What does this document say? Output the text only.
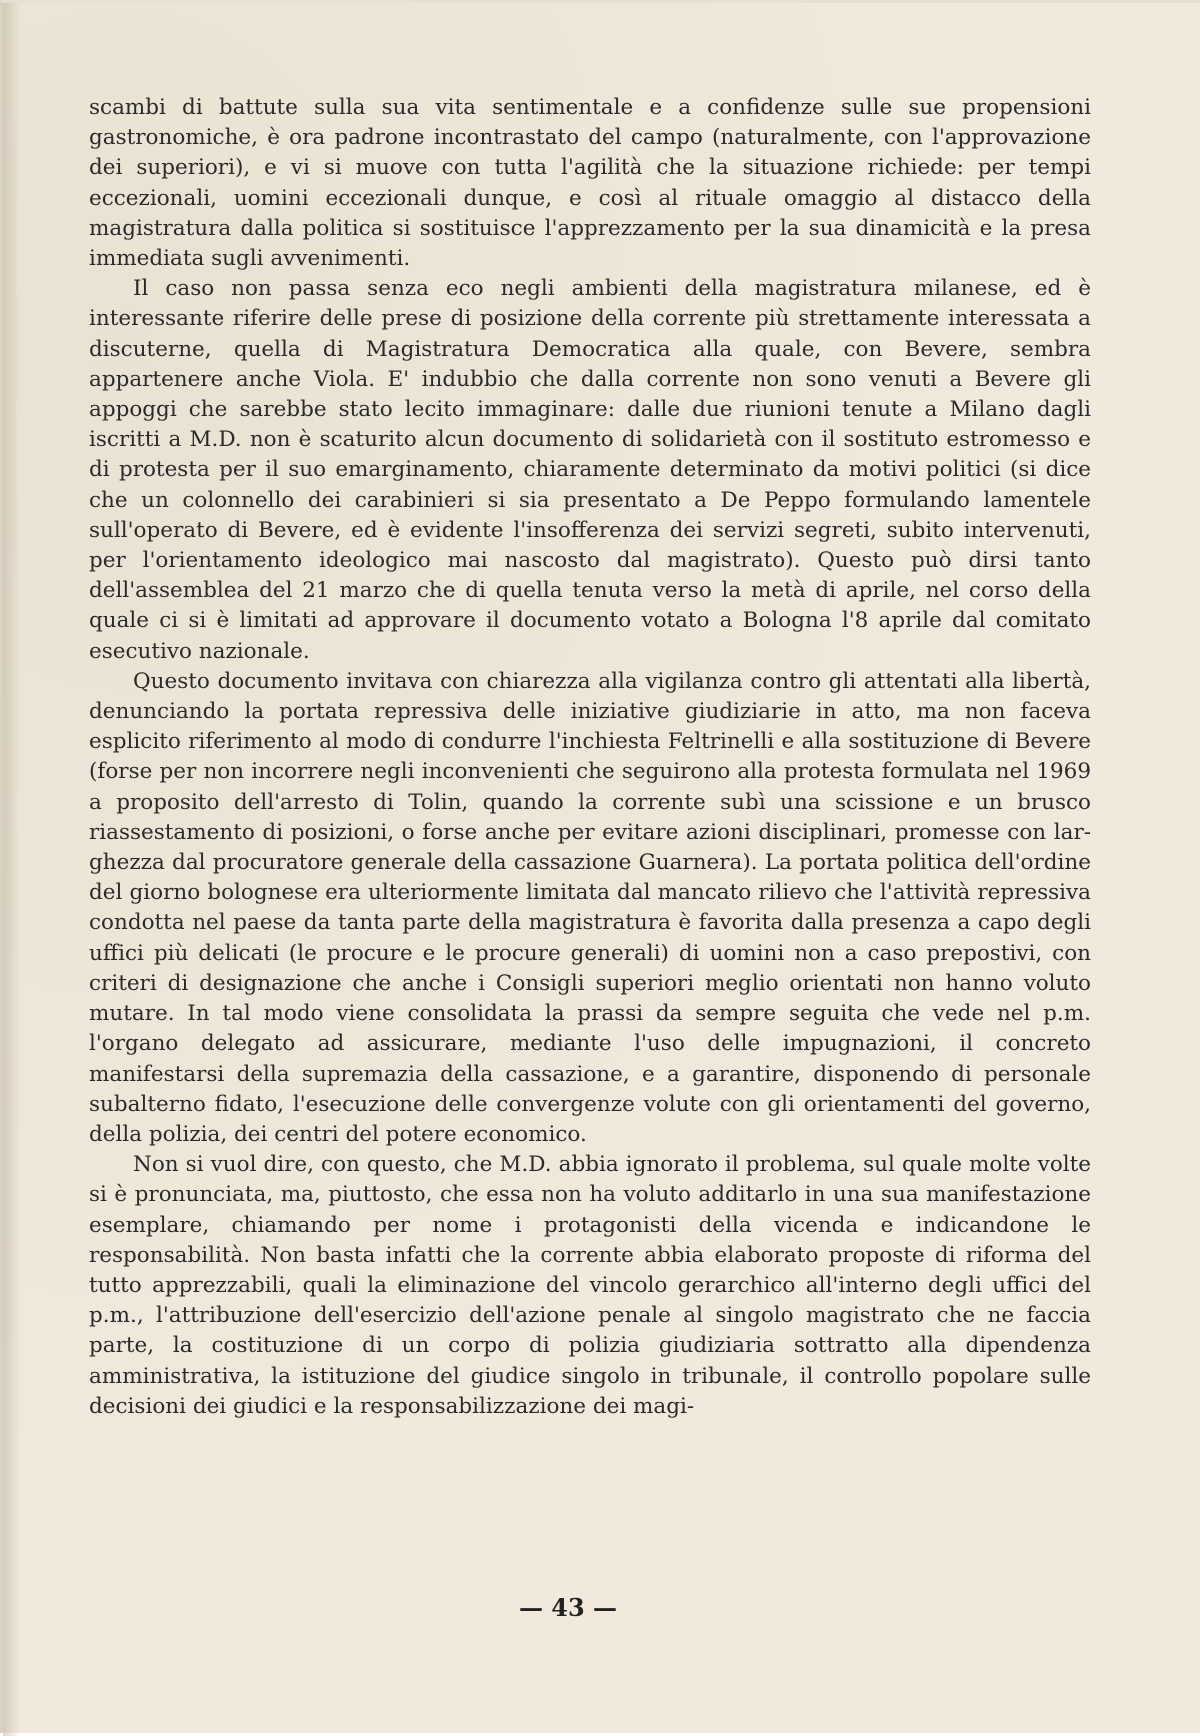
scambi di battute sulla sua vita sentimentale e a confidenze sulle sue propensioni gastronomiche, è ora padrone incontrastato del campo (naturalmente, con l'approvazione dei superiori), e vi si muove con tutta l'agilità che la situazione richiede: per tempi eccezionali, uomini eccezionali dunque, e così al rituale omaggio al distacco della magistratura dalla politica si sostituisce l'apprezzamento per la sua dinamicità e la presa immediata sugli avvenimenti.

Il caso non passa senza eco negli ambienti della magistratura milanese, ed è interessante riferire delle prese di posizione della corrente più strettamente interessata a discuterne, quella di Magistratura Democratica alla quale, con Bevere, sembra appartenere anche Viola. E' indubbio che dalla corrente non sono venuti a Bevere gli appoggi che sarebbe stato lecito immaginare: dalle due riunioni tenute a Milano dagli iscritti a M.D. non è scaturito alcun documento di solidarietà con il sostituto estromesso e di protesta per il suo emarginamento, chiaramente determinato da motivi politici (si dice che un colonnello dei carabinieri si sia presentato a De Peppo formulando lamentele sull'operato di Bevere, ed è evidente l'insofferenza dei servizi segreti, subito intervenuti, per l'orientamento ideologico mai nascosto dal magistrato). Questo può dirsi tanto dell'assemblea del 21 marzo che di quella tenuta verso la metà di aprile, nel corso della quale ci si è limitati ad approvare il documento votato a Bologna l'8 aprile dal comitato esecutivo nazionale.

Questo documento invitava con chiarezza alla vigilanza contro gli attentati alla libertà, denunciando la portata repressiva delle iniziative giudiziarie in atto, ma non faceva esplicito riferimento al modo di condurre l'inchiesta Feltrinelli e alla sostituzione di Bevere (forse per non incorrere negli inconvenienti che seguirono alla protesta formulata nel 1969 a proposito dell'arresto di Tolin, quando la corrente subì una scissione e un brusco riassestamento di posizioni, o forse anche per evitare azioni disciplinari, promesse con larghezza dal procuratore generale della cassazione Guarnera). La portata politica dell'ordine del giorno bolognese era ulteriormente limitata dal mancato rilievo che l'attività repressiva condotta nel paese da tanta parte della magistratura è favorita dalla presenza a capo degli uffici più delicati (le procure e le procure generali) di uomini non a caso prepostivi, con criteri di designazione che anche i Consigli superiori meglio orientati non hanno voluto mutare. In tal modo viene consolidata la prassi da sempre seguita che vede nel p.m. l'organo delegato ad assicurare, mediante l'uso delle impugnazioni, il concreto manifestarsi della supremazia della cassazione, e a garantire, disponendo di personale subalterno fidato, l'esecuzione delle convergenze volute con gli orientamenti del governo, della polizia, dei centri del potere economico.

Non si vuol dire, con questo, che M.D. abbia ignorato il problema, sul quale molte volte si è pronunciata, ma, piuttosto, che essa non ha voluto additarlo in una sua manifestazione esemplare, chiamando per nome i protagonisti della vicenda e indicandone le responsabilità. Non basta infatti che la corrente abbia elaborato proposte di riforma del tutto apprezzabili, quali la eliminazione del vincolo gerarchico all'interno degli uffici del p.m., l'attribuzione dell'esercizio dell'azione penale al singolo magistrato che ne faccia parte, la costituzione di un corpo di polizia giudiziaria sottratto alla dipendenza amministrativa, la istituzione del giudice singolo in tribunale, il controllo popolare sulle decisioni dei giudici e la responsabilizzazione dei magi-

— 43 —
